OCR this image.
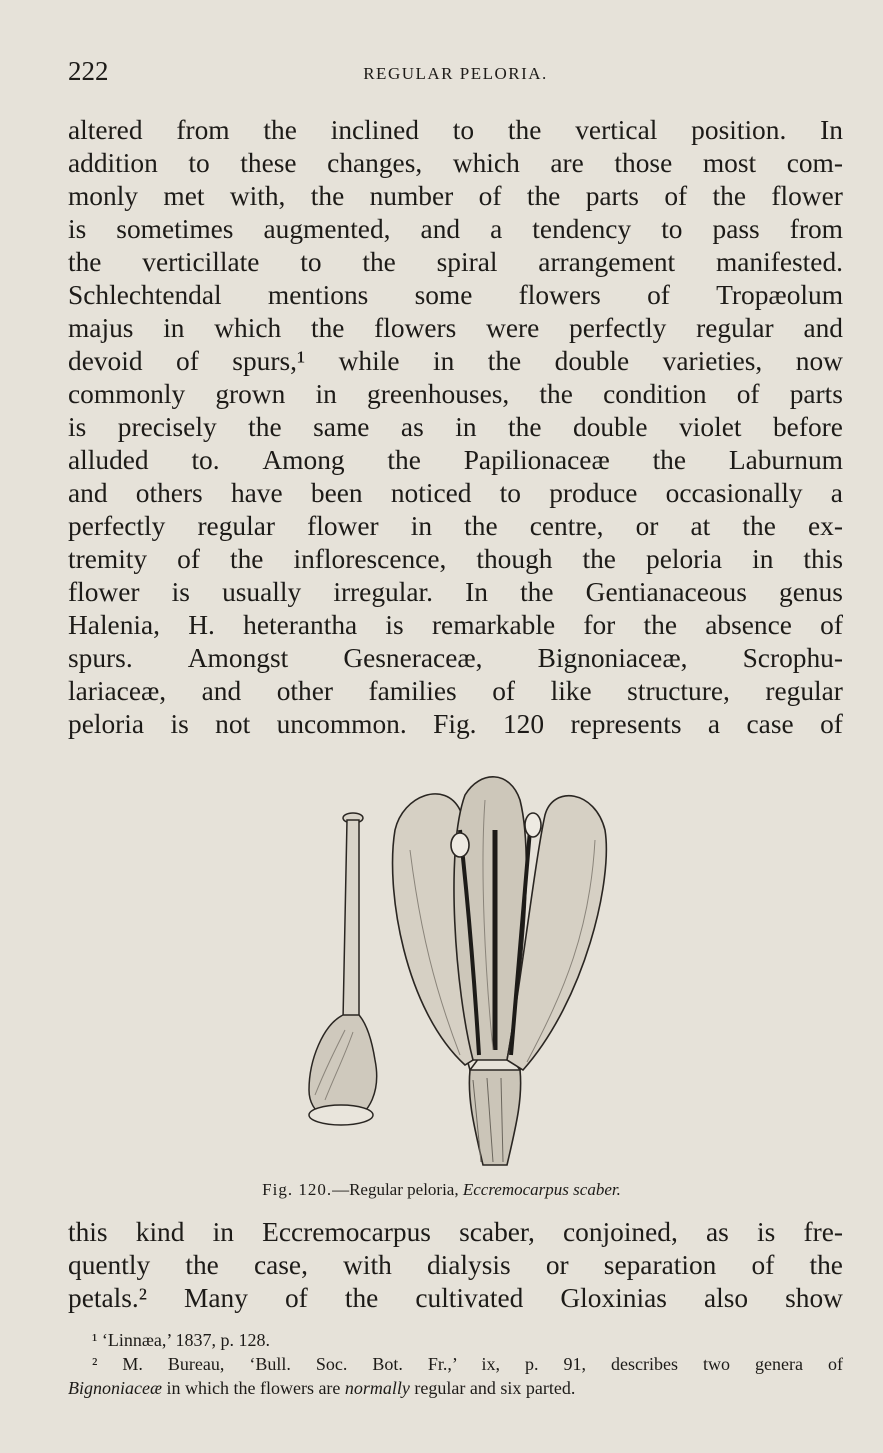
222	REGULAR PELORIA.
altered from the inclined to the vertical position. In
addition to these changes, which are those most com-
monly met with, the number of the parts of the flower
is sometimes augmented, and a tendency to pass from
the verticillate to the spiral arrangement manifested.
Schlechtendal mentions some flowers of Tropæolum
majus in which the flowers were perfectly regular and
devoid of spurs,¹ while in the double varieties, now
commonly grown in greenhouses, the condition of parts
is precisely the same as in the double violet before
alluded to. Among the Papilionaceæ the Laburnum
and others have been noticed to produce occasionally a
perfectly regular flower in the centre, or at the ex-
tremity of the inflorescence, though the peloria in this
flower is usually irregular. In the Gentianaceous genus
Halenia, H. heterantha is remarkable for the absence of
spurs. Amongst Gesneraceæ, Bignoniaceæ, Scrophu-
lariaceæ, and other families of like structure, regular
peloria is not uncommon. Fig. 120 represents a case of
Fig. 120.—Regular peloria, Eccremocarpus scaber.
this kind in Eccremocarpus scaber, conjoined, as is fre-
quently the case, with dialysis or separation of the
petals.² Many of the cultivated Gloxinias also show
¹ ‘Linnæa,’ 1837, p. 128.
² M. Bureau, ‘Bull. Soc. Bot. Fr.,’ ix, p. 91, describes two genera of
Bignoniaceæ in which the flowers are normally regular and six parted.
